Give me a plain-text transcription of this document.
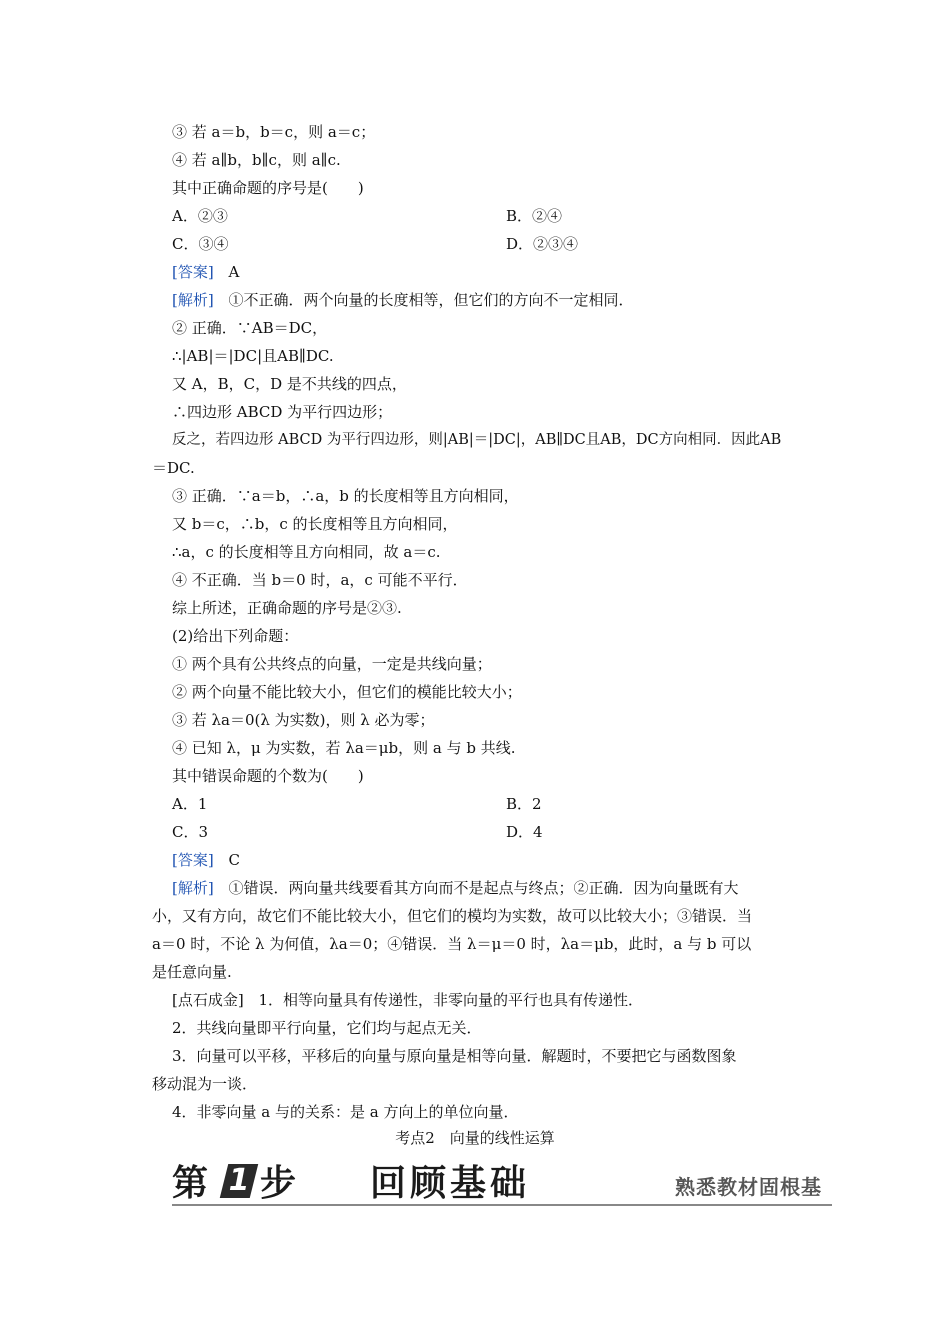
③ 若 a＝b，b＝c，则 a＝c；
④ 若 a∥b，b∥c，则 a∥c.
其中正确命题的序号是(　　)
A．②③	B．②④
C．③④	D．②③④
[答案] A
[解析] ①不正确．两个向量的长度相等，但它们的方向不一定相同．
② 正确．∵AB＝DC，
∴|AB|＝|DC|且AB∥DC.
又 A，B，C，D 是不共线的四点，
∴四边形 ABCD 为平行四边形；
反之，若四边形 ABCD 为平行四边形，则|AB|＝|DC|，AB∥DC且AB，DC方向相同．因此AB
＝DC.
③ 正确．∵a＝b，∴a，b 的长度相等且方向相同，
又 b＝c，∴b，c 的长度相等且方向相同，
∴a，c 的长度相等且方向相同，故 a＝c.
④ 不正确．当 b＝0 时，a，c 可能不平行．
综上所述，正确命题的序号是②③.
(2)给出下列命题：
① 两个具有公共终点的向量，一定是共线向量；
② 两个向量不能比较大小，但它们的模能比较大小；
③ 若 λa＝0(λ 为实数)，则 λ 必为零；
④ 已知 λ，μ 为实数，若 λa＝μb，则 a 与 b 共线.
其中错误命题的个数为(　　)
A．1	B．2
C．3	D．4
[答案] C
[解析] ①错误．两向量共线要看其方向而不是起点与终点；②正确．因为向量既有大
小，又有方向，故它们不能比较大小，但它们的模均为实数，故可以比较大小；③错误．当
a＝0 时，不论 λ 为何值，λa＝0；④错误．当 λ＝μ＝0 时，λa＝μb，此时，a 与 b 可以
是任意向量.
[点石成金] 1．相等向量具有传递性，非零向量的平行也具有传递性．
2．共线向量即平行向量，它们均与起点无关．
3．向量可以平移，平移后的向量与原向量是相等向量．解题时，不要把它与函数图象
移动混为一谈．
4．非零向量 a 与的关系：是 a 方向上的单位向量．
考点2　向量的线性运算
第 1 步 回顾基础	熟悉教材固根基
